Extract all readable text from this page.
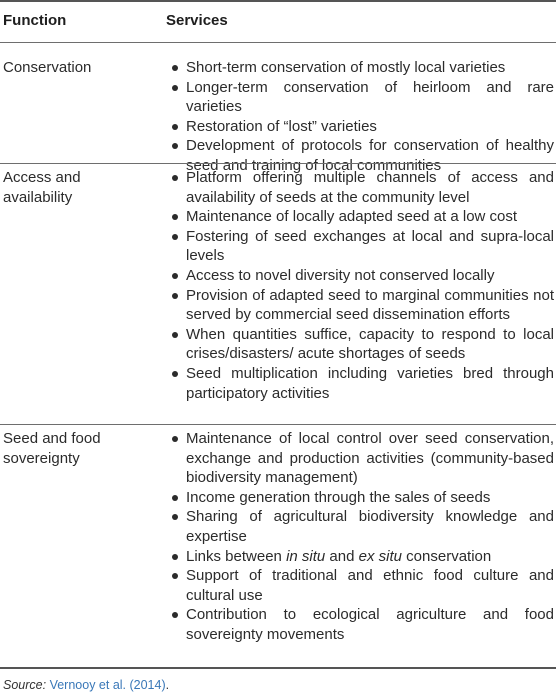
Function	Services
Conservation	Short-term conservation of mostly local varieties
Longer-term conservation of heirloom and rare varieties
Restoration of “lost” varieties
Development of protocols for conservation of healthy seed and training of local communities
Access and availability
Platform offering multiple channels of access and availability of seeds at the community level
Maintenance of locally adapted seed at a low cost
Fostering of seed exchanges at local and supra-local levels
Access to novel diversity not conserved locally
Provision of adapted seed to marginal communities not served by commercial seed dissemination efforts
When quantities suffice, capacity to respond to local crises/disasters/ acute shortages of seeds
Seed multiplication including varieties bred through participatory activities
Seed and food sovereignty
Maintenance of local control over seed conservation, exchange and production activities (community-based biodiversity management)
Income generation through the sales of seeds
Sharing of agricultural biodiversity knowledge and expertise
Links between in situ and ex situ conservation
Support of traditional and ethnic food culture and cultural use
Contribution to ecological agriculture and food sovereignty movements
Source: Vernooy et al. (2014).
